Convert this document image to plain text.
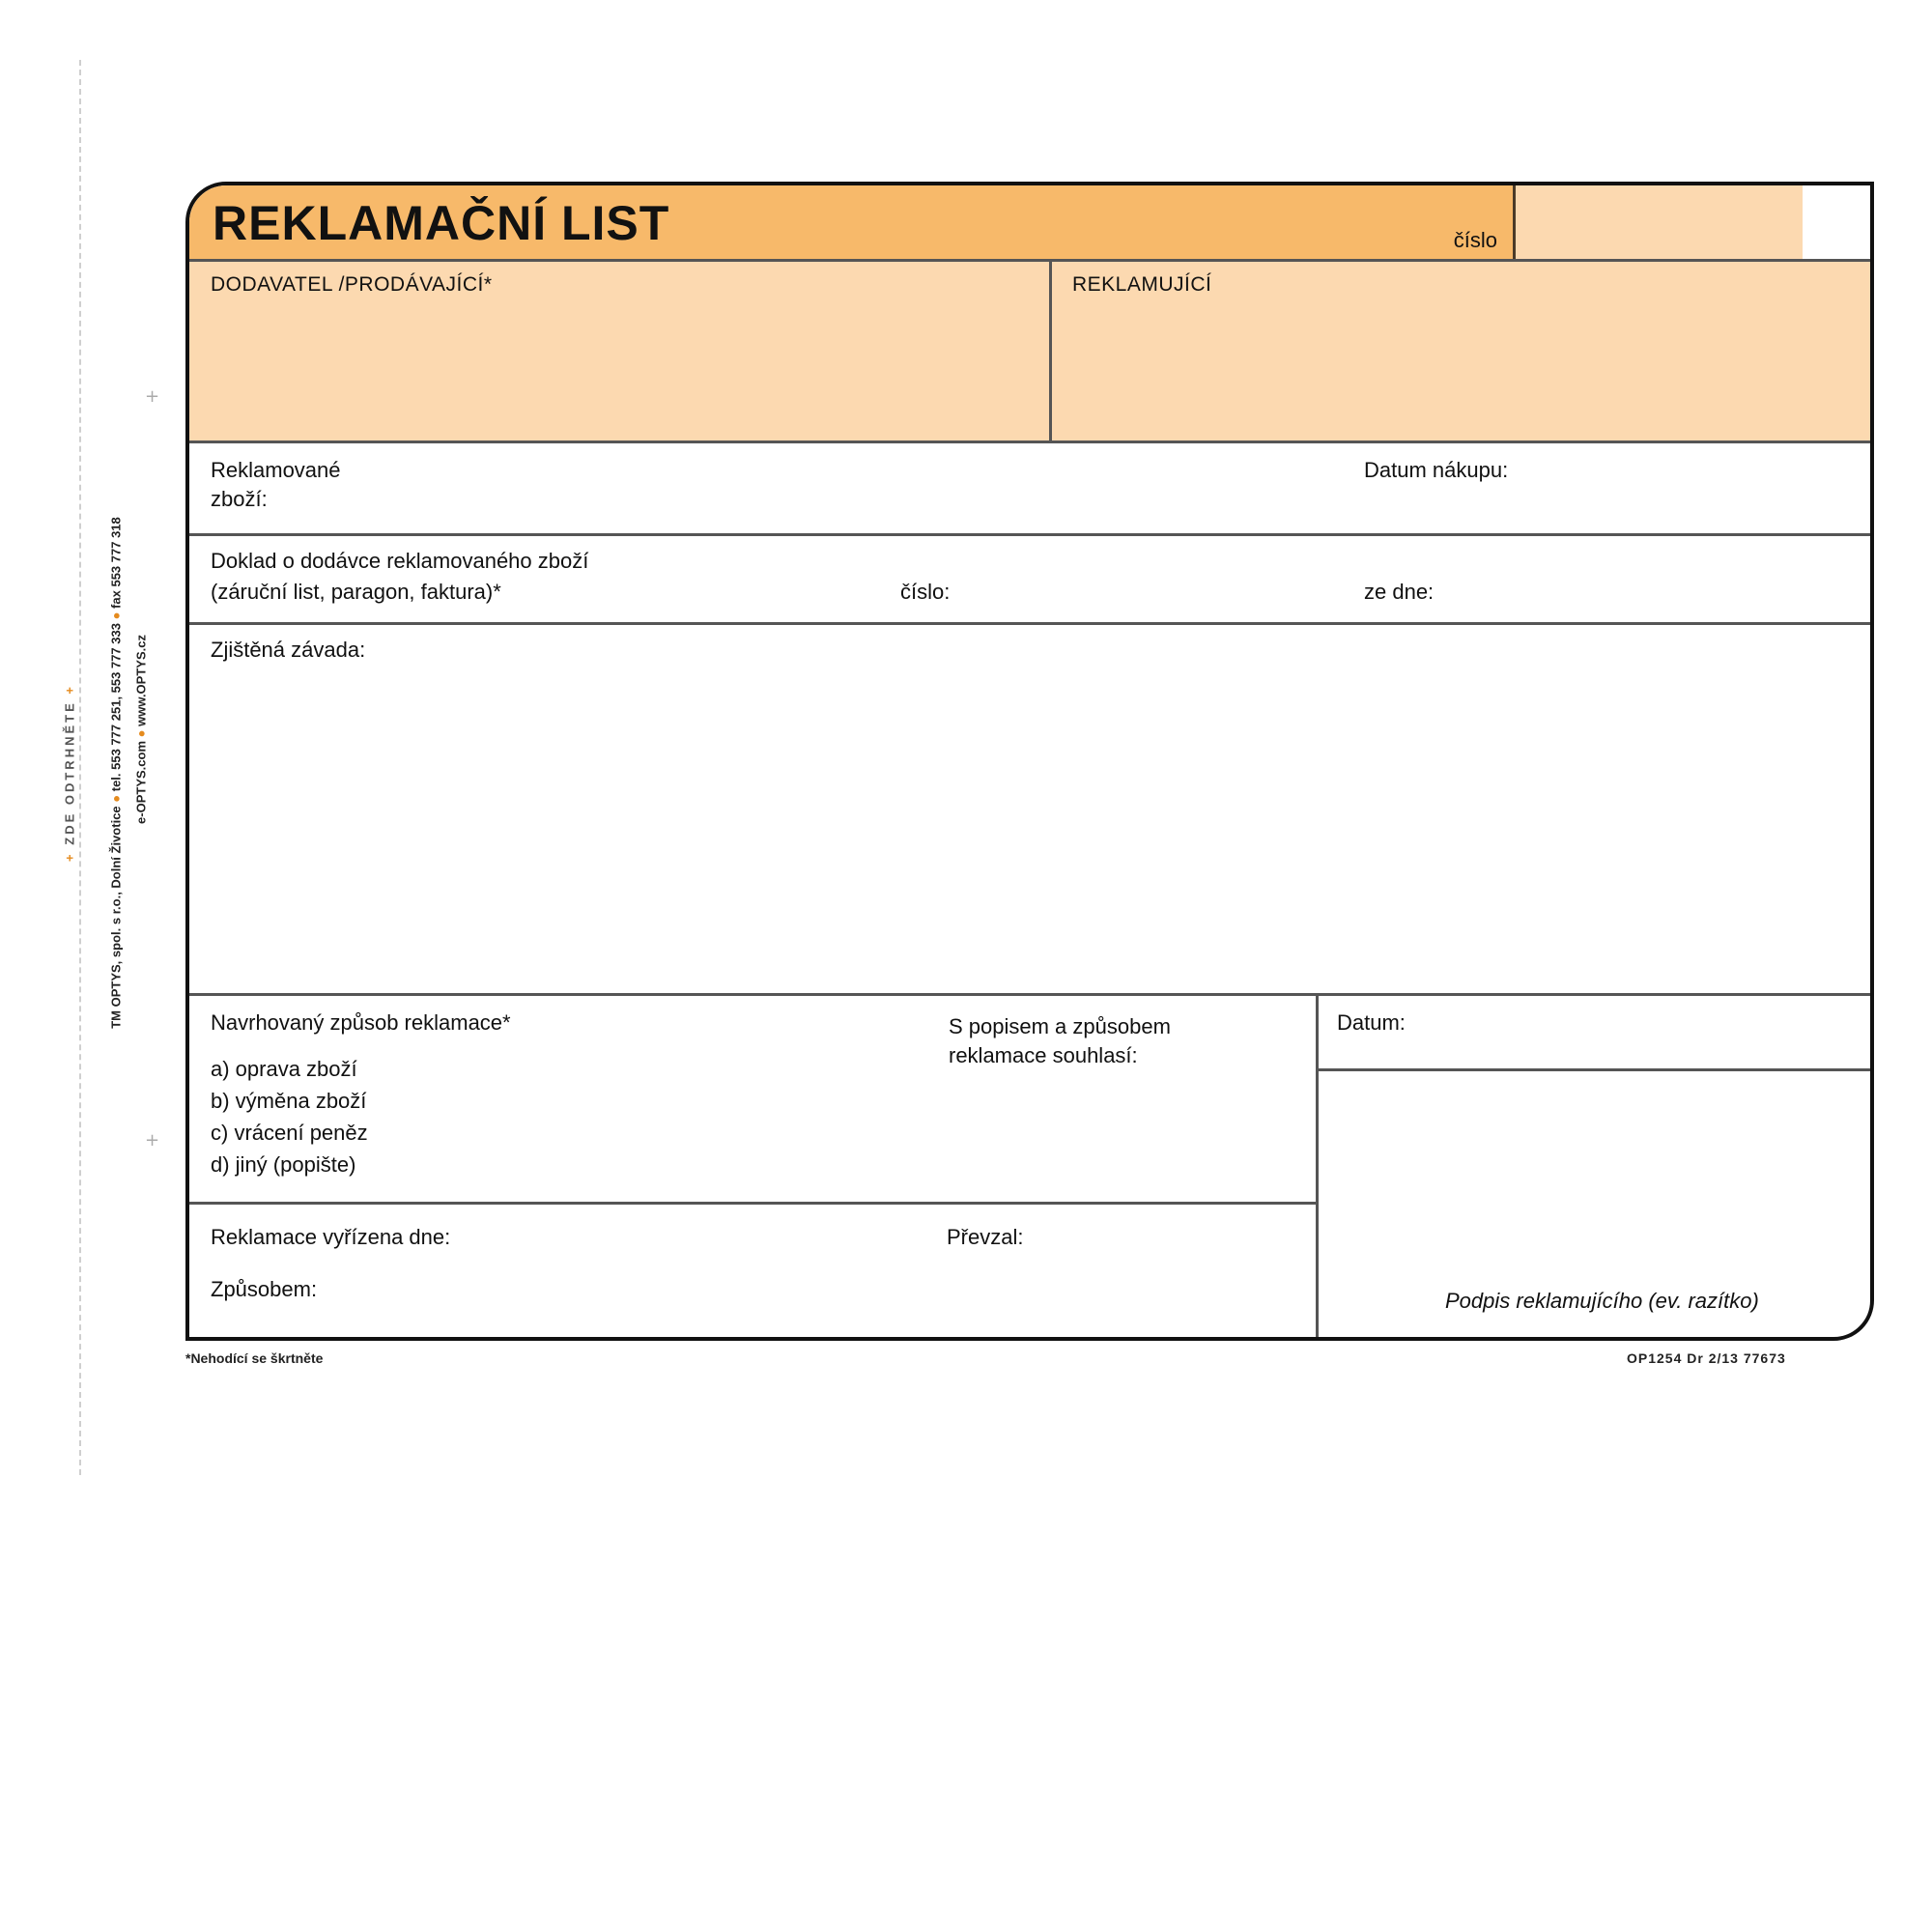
+ ZDE ODTRHNĚTE +
TM OPTYS, spol. s r.o., Dolní Životice ● tel. 553 777 251, 553 777 333 ● fax 553 777 318
e-OPTYS.com ● www.OPTYS.cz
+
+
REKLAMAČNÍ LIST	číslo
DODAVATEL /PRODÁVAJÍCÍ*	REKLAMUJÍCÍ
Reklamované
zboží:
Datum nákupu:
Doklad o dodávce reklamovaného zboží
(záruční list, paragon, faktura)*	číslo:	ze dne:
Zjištěná závada:
Navrhovaný způsob reklamace*
a) oprava zboží
b) výměna zboží
c) vrácení peněz
d) jiný (popište)
S popisem a způsobem
reklamace souhlasí:
Datum:
Podpis reklamujícího (ev. razítko)
Reklamace vyřízena dne:	Převzal:
Způsobem:
*Nehodící se škrtněte	OP1254 Dr 2/13 77673
